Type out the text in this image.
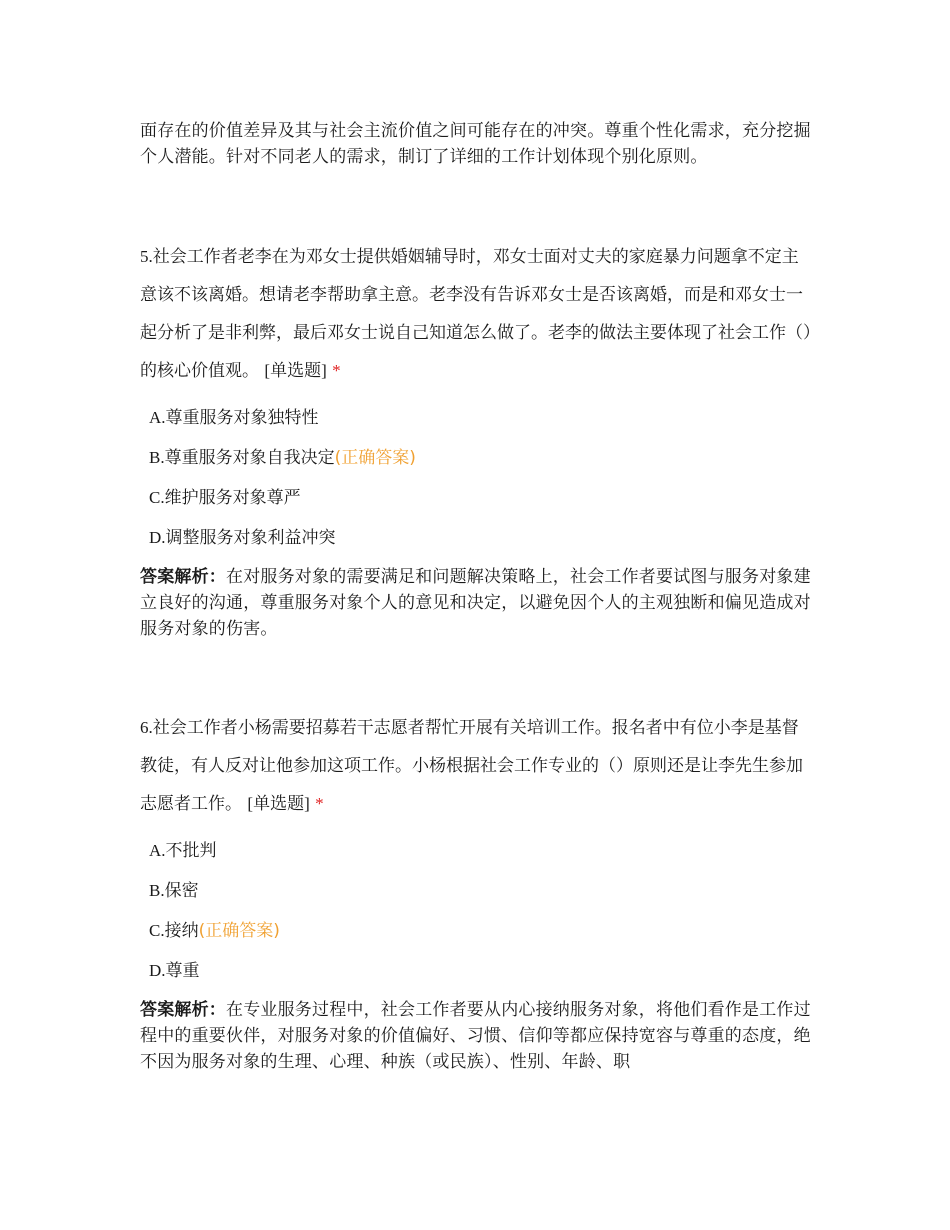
面存在的价值差异及其与社会主流价值之间可能存在的冲突。尊重个性化需求，充分挖掘个人潜能。针对不同老人的需求，制订了详细的工作计划体现个别化原则。

5.社会工作者老李在为邓女士提供婚姻辅导时，邓女士面对丈夫的家庭暴力问题拿不定主意该不该离婚。想请老李帮助拿主意。老李没有告诉邓女士是否该离婚，而是和邓女士一起分析了是非利弊，最后邓女士说自己知道怎么做了。老李的做法主要体现了社会工作（）的核心价值观。 [单选题] *

A.尊重服务对象独特性
B.尊重服务对象自我决定(正确答案)
C.维护服务对象尊严
D.调整服务对象利益冲突

答案解析：在对服务对象的需要满足和问题解决策略上，社会工作者要试图与服务对象建立良好的沟通，尊重服务对象个人的意见和决定，以避免因个人的主观独断和偏见造成对服务对象的伤害。

6.社会工作者小杨需要招募若干志愿者帮忙开展有关培训工作。报名者中有位小李是基督教徒，有人反对让他参加这项工作。小杨根据社会工作专业的（）原则还是让李先生参加志愿者工作。 [单选题] *

A.不批判
B.保密
C.接纳(正确答案)
D.尊重

答案解析：在专业服务过程中，社会工作者要从内心接纳服务对象，将他们看作是工作过程中的重要伙伴，对服务对象的价值偏好、习惯、信仰等都应保持宽容与尊重的态度，绝不因为服务对象的生理、心理、种族（或民族）、性别、年龄、职
